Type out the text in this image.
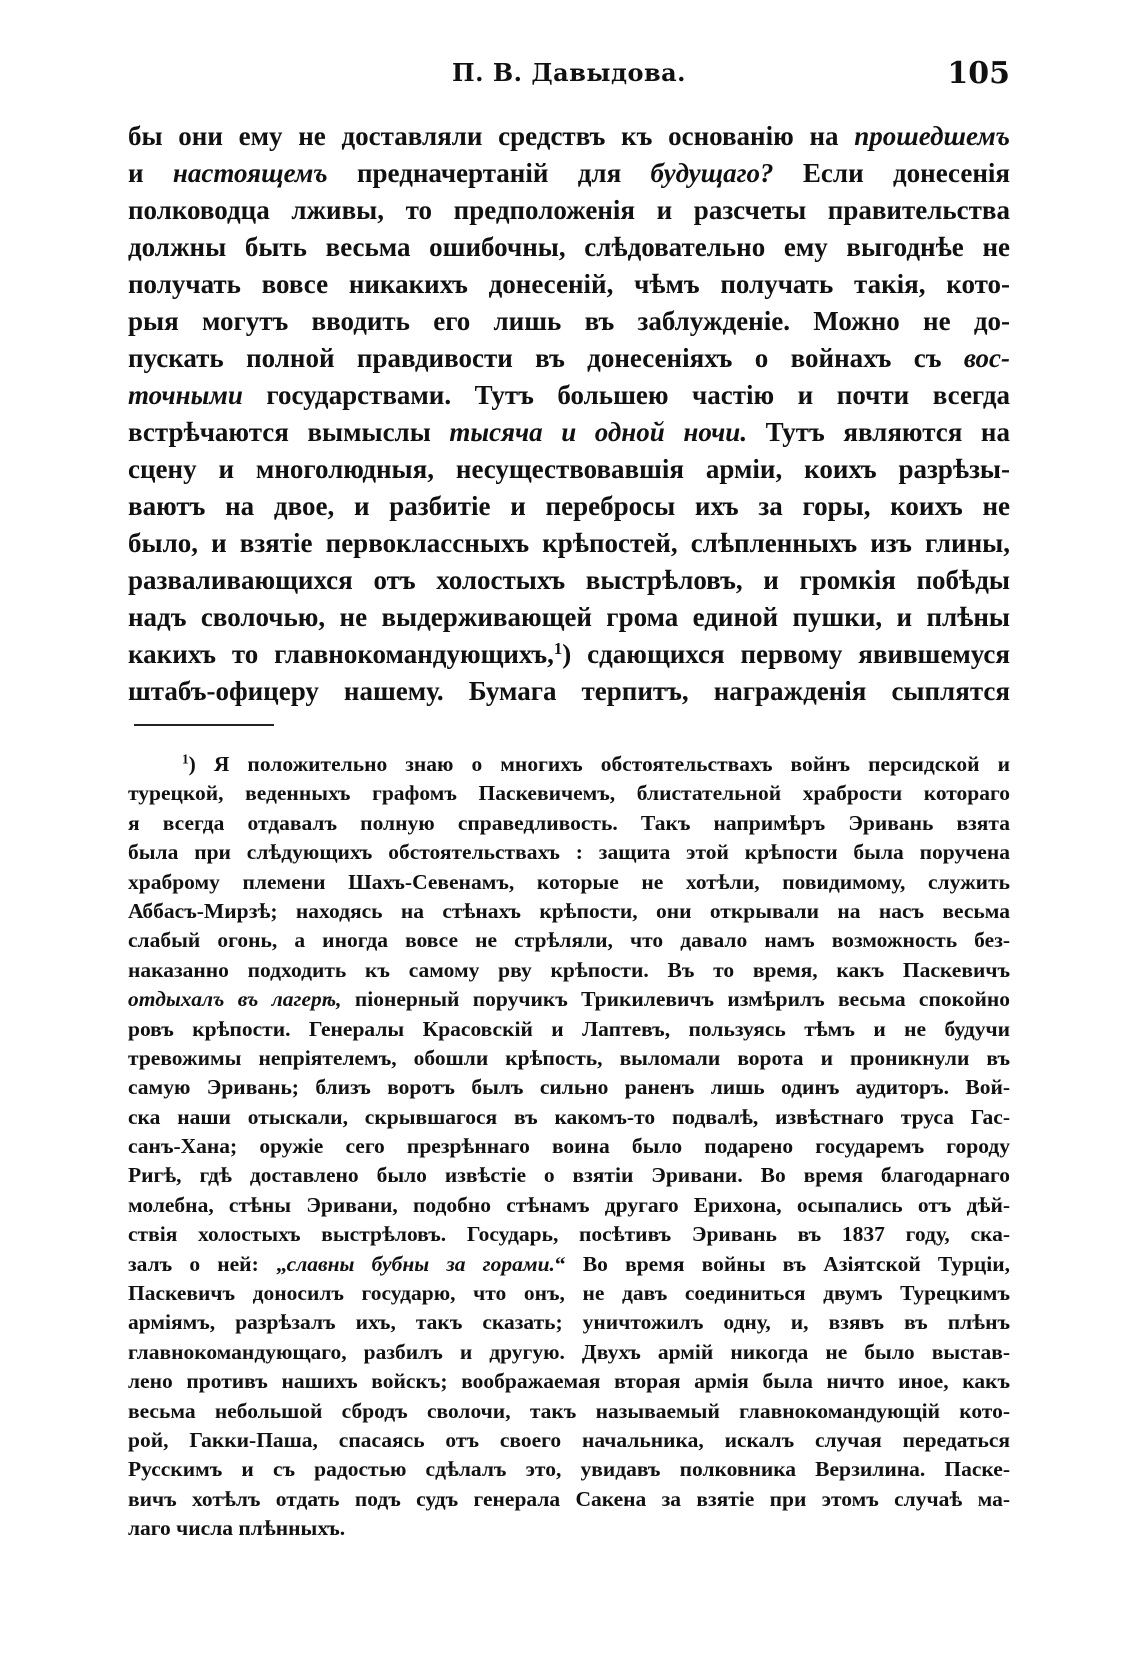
П. В. Давыдова.	105
бы они ему не доставляли средствъ къ основанію на прошедшемъ
и настоящемъ предначертаній для будущаго? Если донесенія
полководца лживы, то предположенія и разсчеты правительства
должны быть весьма ошибочны, слѣдовательно ему выгоднѣе не
получать вовсе никакихъ донесеній, чѣмъ получать такія, кото-
рыя могутъ вводить его лишь въ заблужденіе. Можно не до-
пускать полной правдивости въ донесеніяхъ о войнахъ съ вос-
точными государствами. Тутъ большею частію и почти всегда
встрѣчаются вымыслы тысяча и одной ночи. Тутъ являются на
сцену и многолюдныя, несуществовавшія арміи, коихъ разрѣзы-
ваютъ на двое, и разбитіе и переброcы ихъ за горы, коихъ не
было, и взятіе первоклассныхъ крѣпостей, слѣпленныхъ изъ глины,
разваливающихся отъ холостыхъ выстрѣловъ, и громкія побѣды
надъ сволочью, не выдерживающей грома единой пушки, и плѣны
какихъ то главнокомандующихъ,$^1$) сдающихся первому явившемуся
штабъ-офицеру нашему. Бумага терпитъ, награжденія сыплятся
$^1$) Я положительно знаю о многихъ обстоятельствахъ войнъ персидской и
турецкой, веденныхъ графомъ Паскевичемъ, блистательной храбрости котораго
я всегда отдавалъ полную справедливость. Такъ напримѣръ Эривань взята
была при слѣдующихъ обстоятельствахъ : защита этой крѣпости была поручена
храброму племени Шахъ-Севенамъ, которые не хотѣли, повидимому, служить
Аббасъ-Мирзѣ; находясь на стѣнахъ крѣпости, они открывали на насъ весьма
слабый огонь, а иногда вовсе не стрѣляли, что давало намъ возможность без-
наказанно подходить къ самому рву крѣпости. Въ то время, какъ Паскевичъ
отдыхалъ въ лагерѣ, піонерный поручикъ Трикилевичъ измѣрилъ весьма спокойно
ровъ крѣпости. Генералы Красовскій и Лаптевъ, пользуясь тѣмъ и не будучи
тревожимы непріятелемъ, обошли крѣпость, выломали ворота и проникнули въ
самую Эривань; близъ воротъ былъ сильно раненъ лишь одинъ аудиторъ. Вой-
ска наши отыскали, скрывшагося въ какомъ-то подвалѣ, извѣстнаго труса Гас-
санъ-Хана; оружіе сего презрѣннаго воина было подарено государемъ городу
Ригѣ, гдѣ доставлено было извѣстіе о взятіи Эривани. Во время благодарнаго
молебна, стѣны Эривани, подобно стѣнамъ другаго Ерихона, осыпались отъ дѣй-
ствія холостыхъ выстрѣловъ. Государь, посѣтивъ Эривань въ 1837 году, ска-
залъ о ней: „славны бубны за горами.“ Во время войны въ Азіятской Турціи,
Паскевичъ доносилъ государю, что онъ, не давъ соединиться двумъ Турецкимъ
арміямъ, разрѣзалъ ихъ, такъ сказать; уничтожилъ одну, и, взявъ въ плѣнъ
главнокомандующаго, разбилъ и другую. Двухъ армій никогда не было выстав-
лено противъ нашихъ войскъ; воображаемая вторая армія была ничто иное, какъ
весьма небольшой сбродъ сволочи, такъ называемый главнокомандующій кото-
рой, Гакки-Паша, спасаясь отъ своего начальника, искалъ случая передаться
Русскимъ и съ радостью сдѣлалъ это, увидавъ полковника Верзилина. Паске-
вичъ хотѣлъ отдать подъ судъ генерала Сакена за взятіе при этомъ случаѣ ма-
лаго числа плѣнныхъ.
